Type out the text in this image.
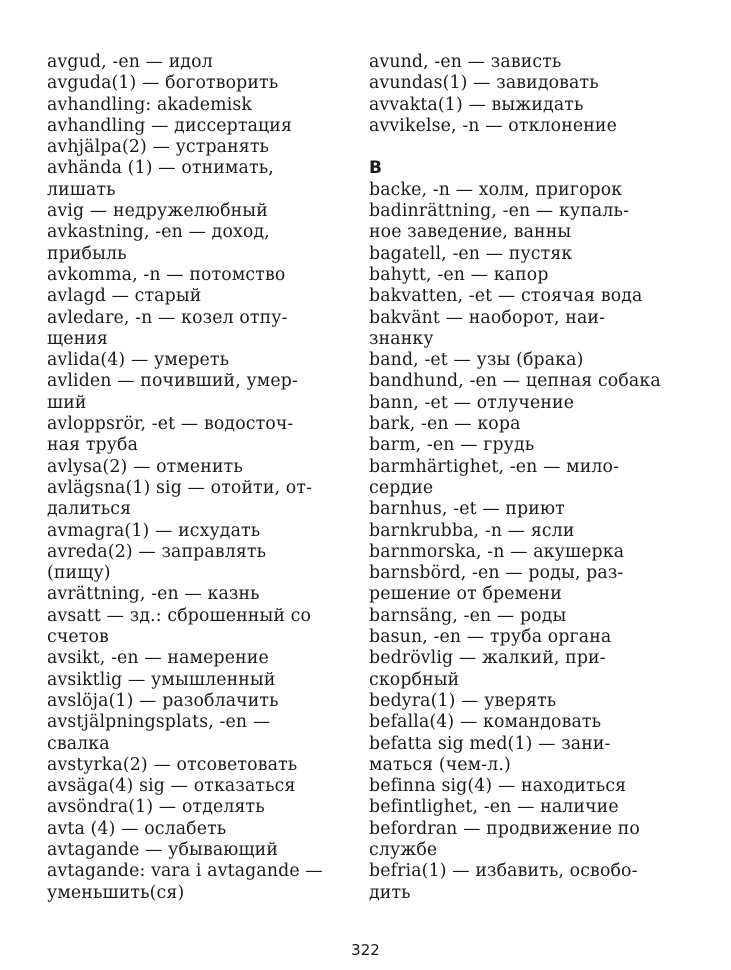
avgud, -en — идол
avguda(1) — боготворить
avhandling: akademisk
avhandling — диссертация
avhjälpa(2) — устранять
avhända (1) — отнимать,
лишать
avig — недружелюбный
avkastning, -en — доход,
прибыль
avkomma, -n — потомство
avlagd — старый
avledare, -n — козел отпу-
щения
avlida(4) — умереть
avliden — почивший, умер-
ший
avloppsrör, -et — водосточ-
ная труба
avlysa(2) — отменить
avlägsna(1) sig — отойти, от-
далиться
avmagra(1) — исхудать
avreda(2) — заправлять
(пищу)
avrättning, -en — казнь
avsatt — зд.: сброшенный со
счетов
avsikt, -en — намерение
avsiktlig — умышленный
avslöja(1) — разоблачить
avstjälpningsplats, -en —
свалка
avstyrka(2) — отсоветовать
avsäga(4) sig — отказаться
avsöndra(1) — отделять
avta (4) — ослабеть
avtagande — убывающий
avtagande: vara i avtagande —
уменьшить(ся)
avund, -en — зависть
avundas(1) — завидовать
avvakta(1) — выжидать
avvikelse, -n — отклонение
B
backe, -n — холм, пригорок
badinrättning, -en — купаль-
ное заведение, ванны
bagatell, -en — пустяк
bahytt, -en — капор
bakvatten, -et — стоячая вода
bakvänt — наоборот, наи-
знанку
band, -et — узы (брака)
bandhund, -en — цепная собака
bann, -et — отлучение
bark, -en — кора
barm, -en — грудь
barmhärtighet, -en — мило-
сердие
barnhus, -et — приют
barnkrubba, -n — ясли
barnmorska, -n — акушерка
barnsbörd, -en — роды, раз-
решение от бремени
barnsäng, -en — роды
basun, -en — труба органа
bedrövlig — жалкий, при-
скорбный
bedyra(1) — уверять
befalla(4) — командовать
befatta sig med(1) — зани-
маться (чем-л.)
befinna sig(4) — находиться
befintlighet, -en — наличие
befordran — продвижение по
службе
befria(1) — избавить, освобо-
дить
322
